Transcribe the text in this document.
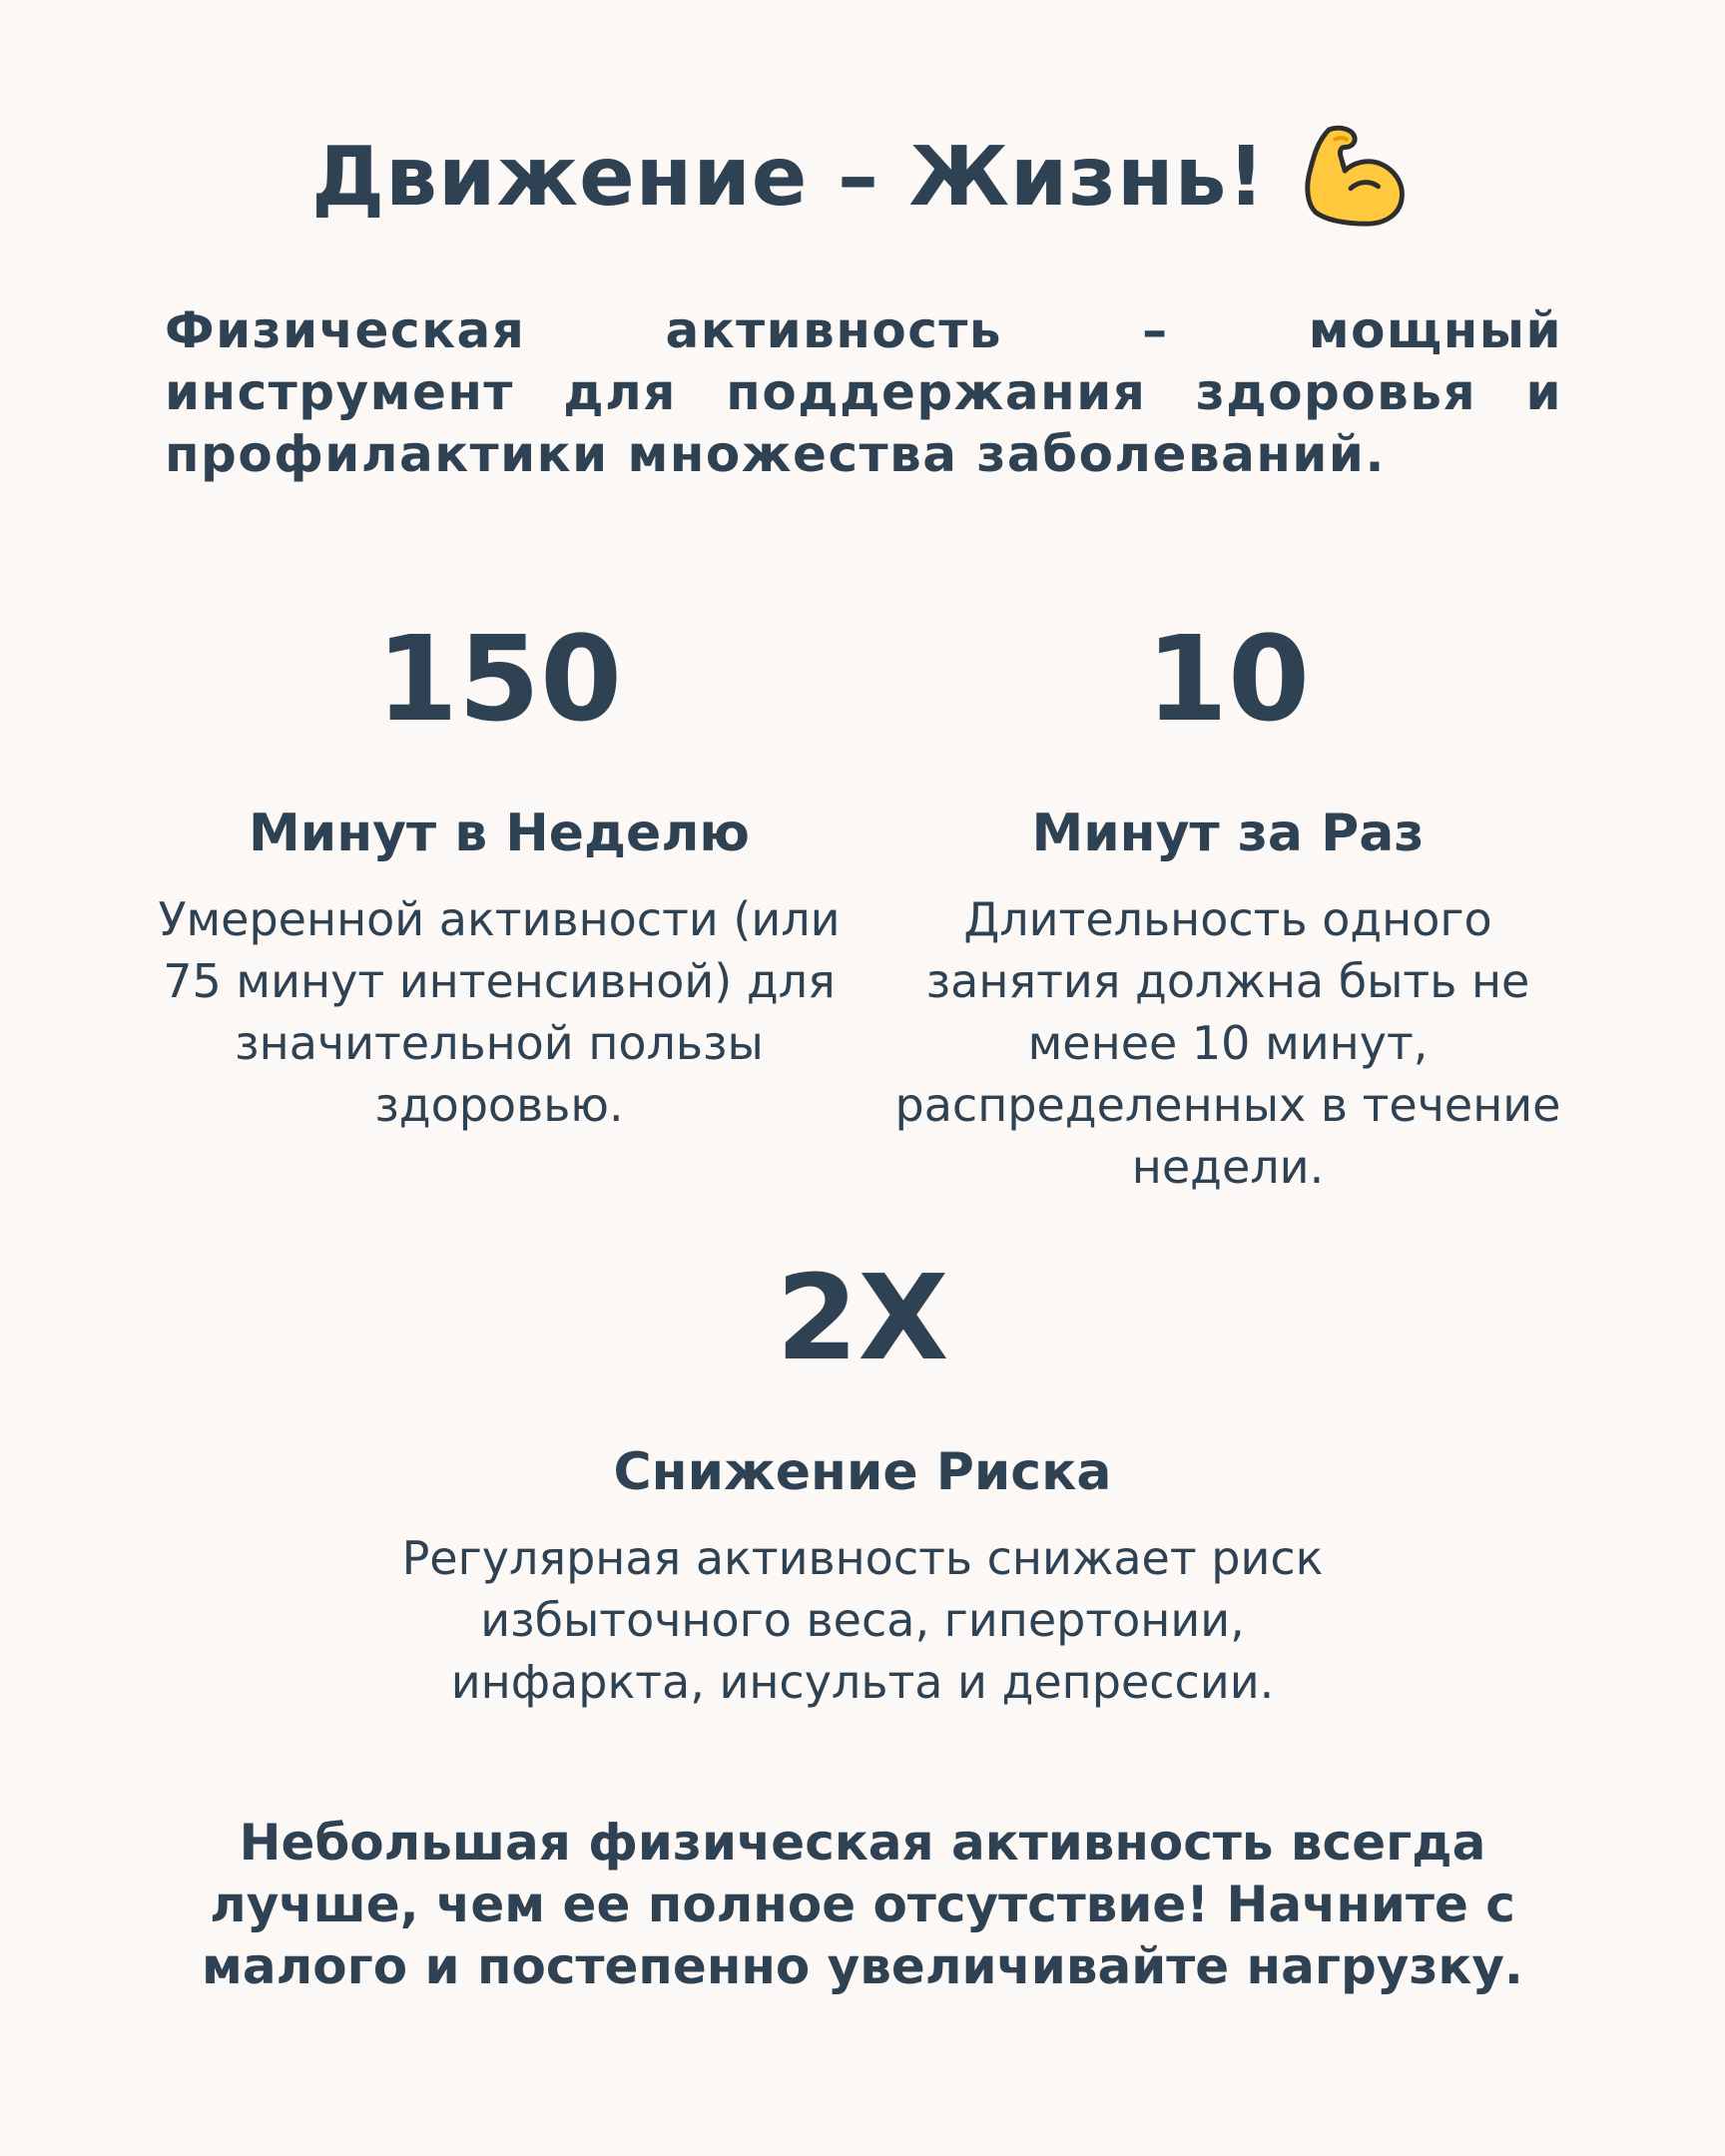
Движение – Жизнь!

Физическая активность – мощный инструмент для поддержания здоровья и профилактики множества заболеваний.

150

Минут в Неделю

Умеренной активности (или 75 минут интенсивной) для значительной пользы здоровью.

10

Минут за Раз

Длительность одного занятия должна быть не менее 10 минут, распределенных в течение недели.

2X

Снижение Риска

Регулярная активность снижает риск избыточного веса, гипертонии, инфаркта, инсульта и депрессии.

Небольшая физическая активность всегда лучше, чем ее полное отсутствие! Начните с малого и постепенно увеличивайте нагрузку.
